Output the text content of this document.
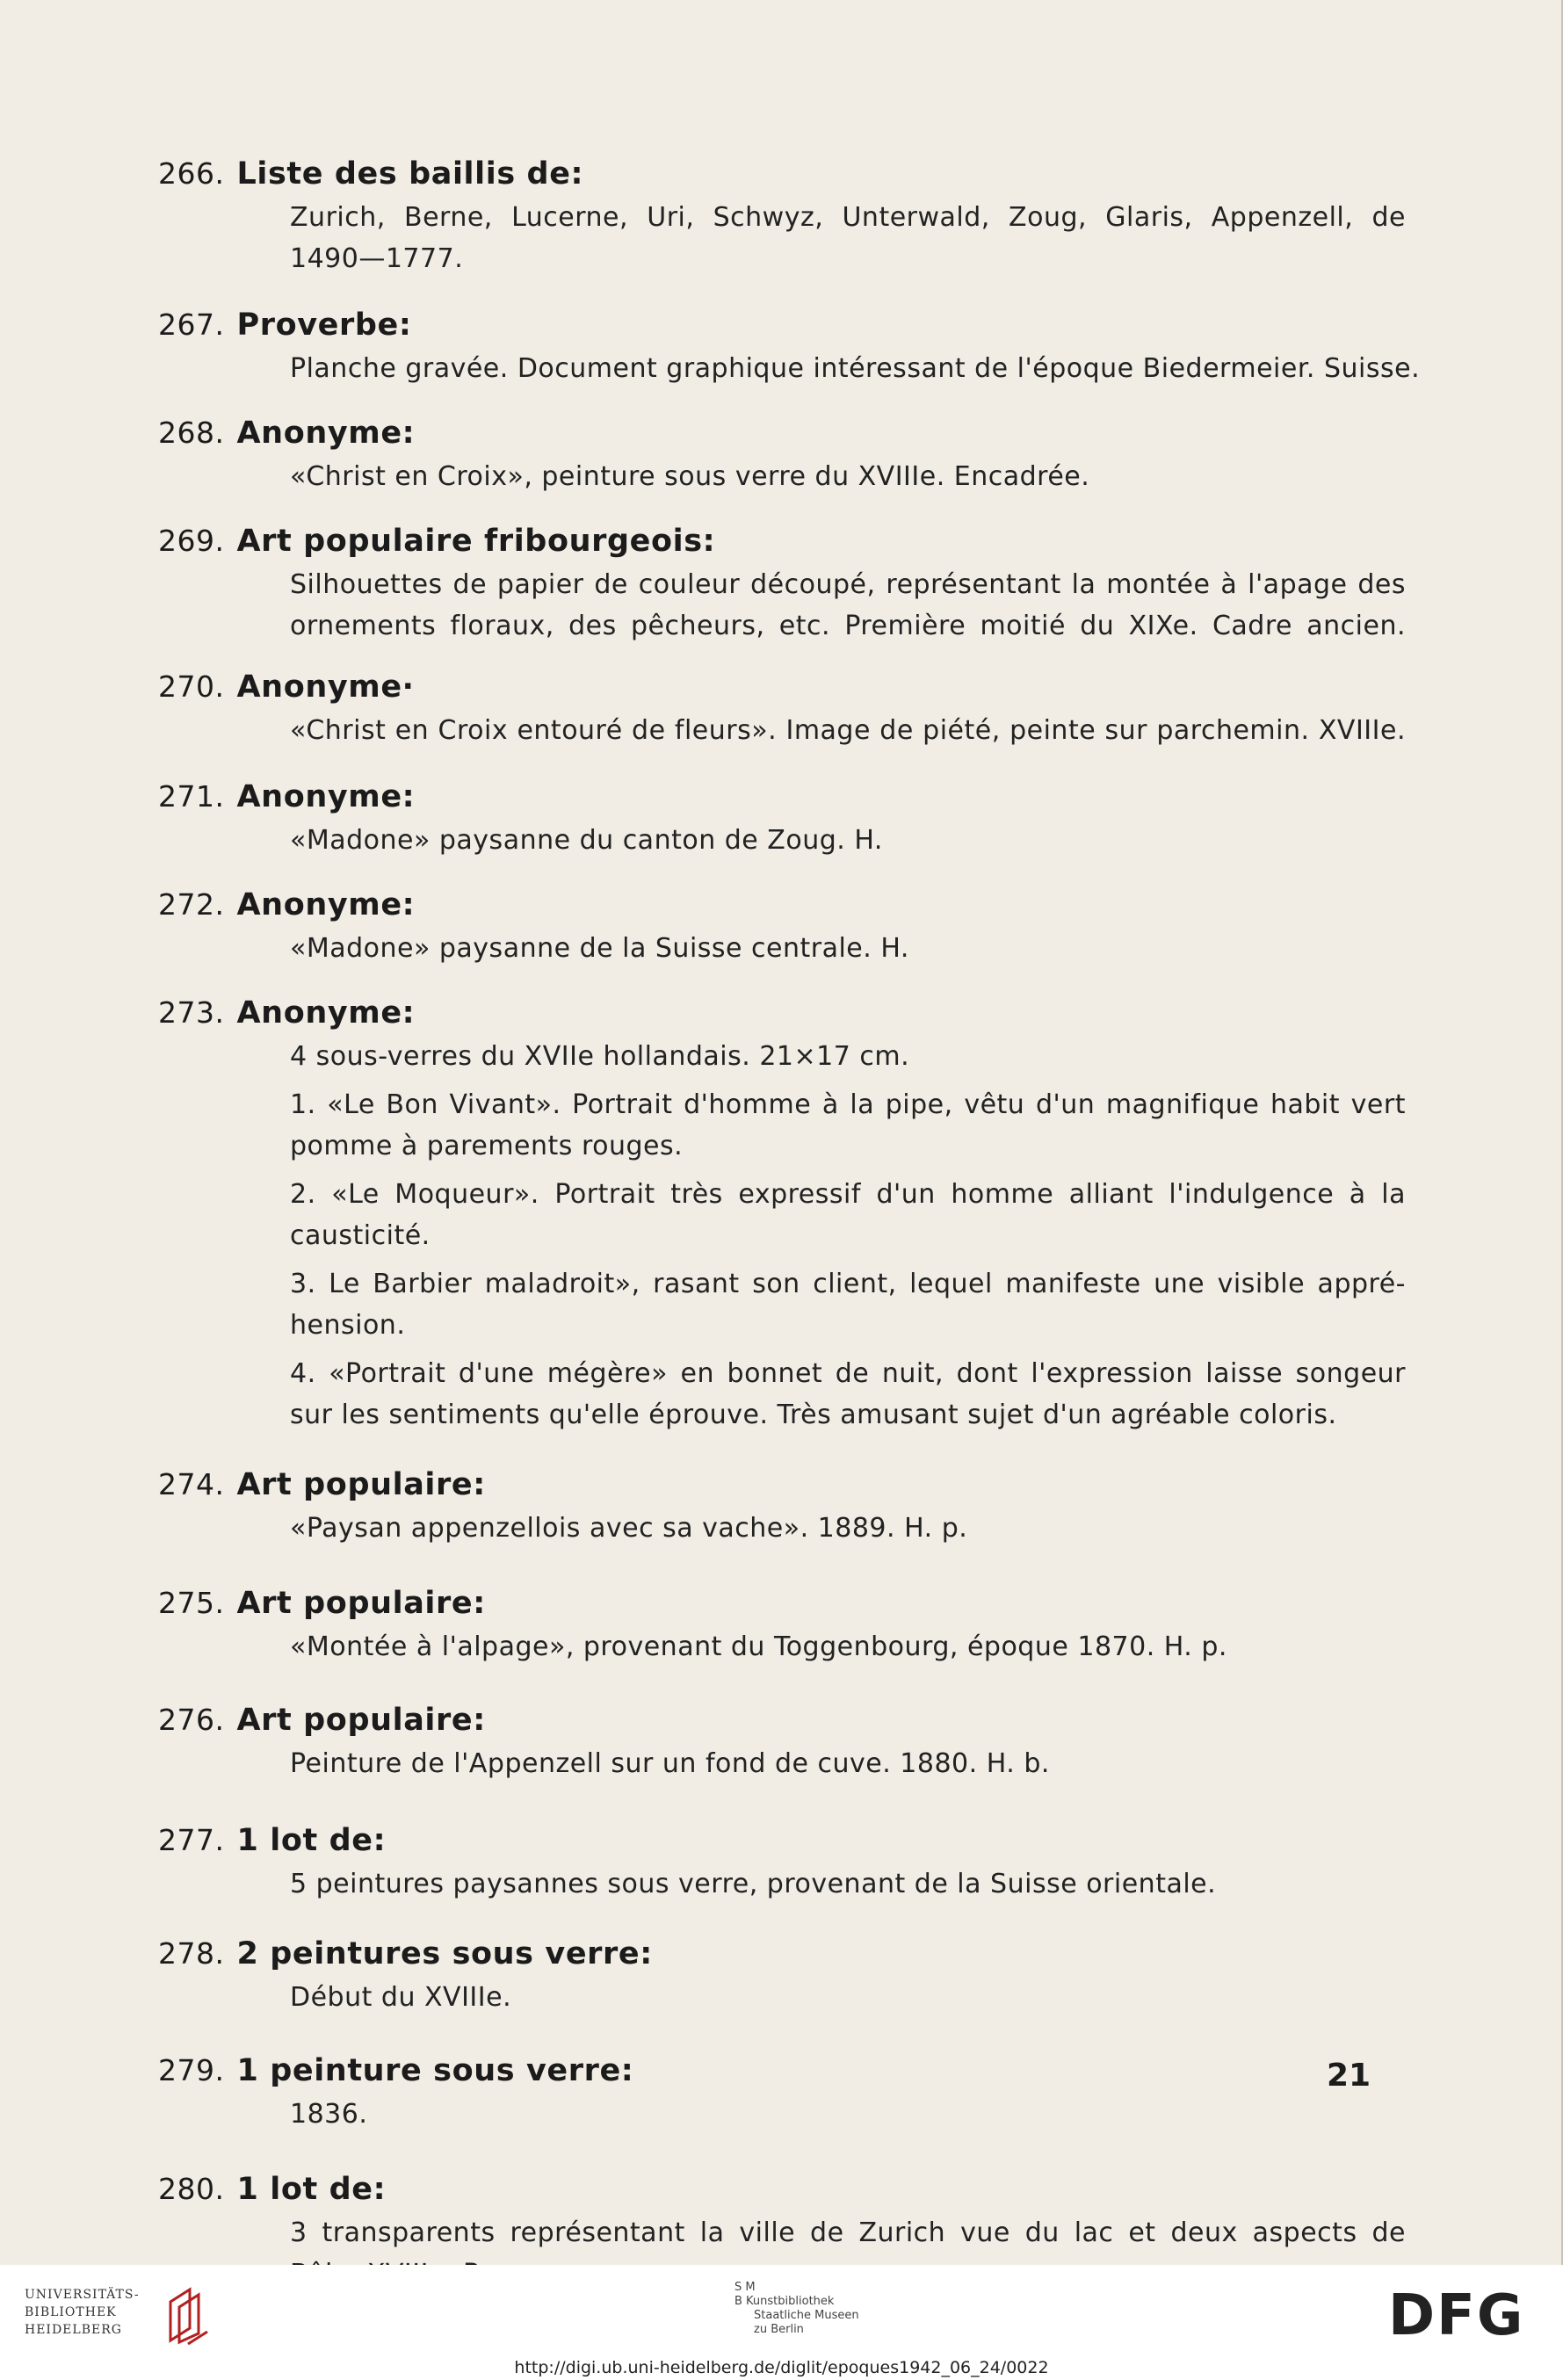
266. Liste des baillis de:
Zurich, Berne, Lucerne, Uri, Schwyz, Unterwald, Zoug, Glaris, Appenzell, de
1490—1777.
267. Proverbe:
Planche gravée. Document graphique intéressant de l'époque Biedermeier. Suisse.
268. Anonyme:
«Christ en Croix», peinture sous verre du XVIIIe. Encadrée.
269. Art populaire fribourgeois:
Silhouettes de papier de couleur découpé, représentant la montée à l'apage des
ornements floraux, des pêcheurs, etc. Première moitié du XIXe. Cadre ancien.
270. Anonyme·
«Christ en Croix entouré de fleurs». Image de piété, peinte sur parchemin. XVIIIe.
271. Anonyme:
«Madone» paysanne du canton de Zoug. H.
272. Anonyme:
«Madone» paysanne de la Suisse centrale. H.
273. Anonyme:
4 sous-verres du XVIIe hollandais. 21×17 cm.
1. «Le Bon Vivant». Portrait d'homme à la pipe, vêtu d'un magnifique habit vert
pomme à parements rouges.
2. «Le Moqueur». Portrait très expressif d'un homme alliant l'indulgence à la
causticité.
3. Le Barbier maladroit», rasant son client, lequel manifeste une visible appré-
hension.
4. «Portrait d'une mégère» en bonnet de nuit, dont l'expression laisse songeur
sur les sentiments qu'elle éprouve. Très amusant sujet d'un agréable coloris.
274. Art populaire:
«Paysan appenzellois avec sa vache». 1889. H. p.
275. Art populaire:
«Montée à l'alpage», provenant du Toggenbourg, époque 1870. H. p.
276. Art populaire:
Peinture de l'Appenzell sur un fond de cuve. 1880. H. b.
277. 1 lot de:
5 peintures paysannes sous verre, provenant de la Suisse orientale.
278. 2 peintures sous verre:
Début du XVIIIe.
279. 1 peinture sous verre:
1836.
280. 1 lot de:
3 transparents représentant la ville de Zurich vue du lac et deux aspects de
21
UNIVERSITÄTS-
BIBLIOTHEK
HEIDELBERG
S M
B Kunstbibliothek
Staatliche Museen
zu Berlin	DFG
http://digi.ub.uni-heidelberg.de/diglit/epoques1942_06_24/0022
